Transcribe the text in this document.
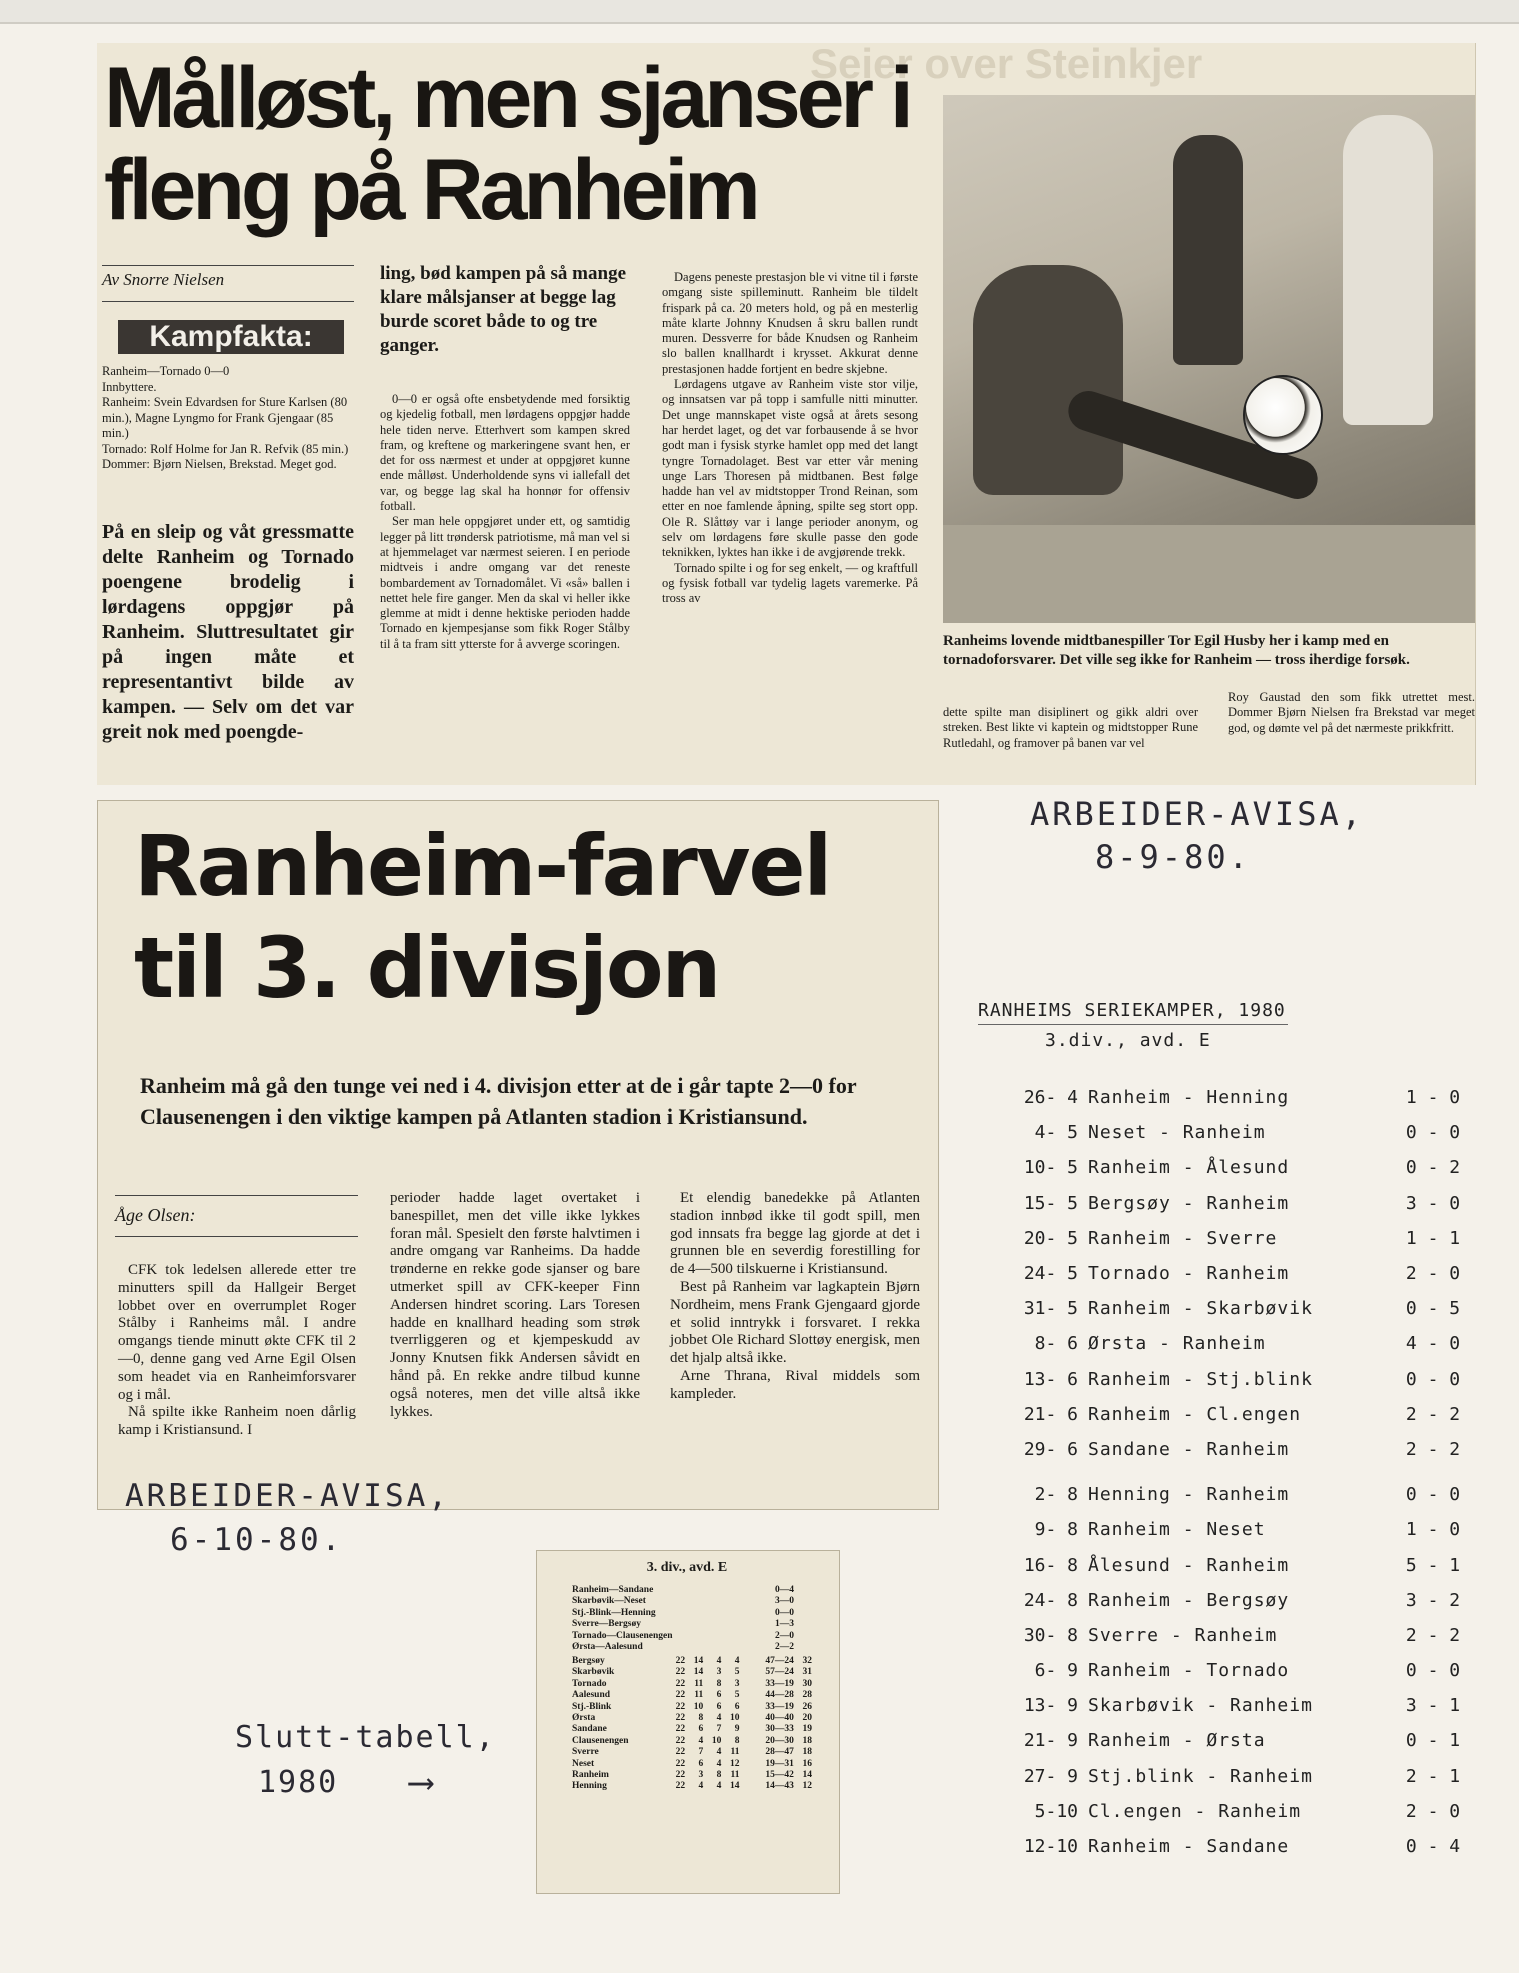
Seier over Steinkjer
Målløst, men sjanser i fleng på Ranheim
Av Snorre Nielsen
Kampfakta:

Ranheim—Tornado 0—0

Innbyttere.

Ranheim: Svein Edvardsen for Sture Karlsen (80 min.), Magne Lyngmo for Frank Gjengaar (85 min.)

Tornado: Rolf Holme for Jan R. Refvik (85 min.)

Dommer: Bjørn Nielsen, Brekstad. Meget god.

På en sleip og våt gressmatte delte Ranheim og Tornado poengene brodelig i lørdagens oppgjør på Ranheim. Sluttresultatet gir på ingen måte et representantivt bilde av kampen. — Selv om det var greit nok med poengde-

ling, bød kampen på så mange klare målsjanser at begge lag burde scoret både to og tre ganger.

0—0 er også ofte ensbetydende med forsiktig og kjedelig fotball, men lørdagens oppgjør hadde hele tiden nerve. Etterhvert som kampen skred fram, og kreftene og markeringene svant hen, er det for oss nærmest et under at oppgjøret kunne ende målløst. Underholdende syns vi iallefall det var, og begge lag skal ha honnør for offensiv fotball.

Ser man hele oppgjøret under ett, og samtidig legger på litt trøndersk patriotisme, må man vel si at hjemmelaget var nærmest seieren. I en periode midtveis i andre omgang var det reneste bombardement av Tornadomålet. Vi «så» ballen i nettet hele fire ganger. Men da skal vi heller ikke glemme at midt i denne hektiske perioden hadde Tornado en kjempesjanse som fikk Roger Stålby til å ta fram sitt ytterste for å avverge scoringen.

Dagens peneste prestasjon ble vi vitne til i første omgang siste spilleminutt. Ranheim ble tildelt frispark på ca. 20 meters hold, og på en mesterlig måte klarte Johnny Knudsen å skru ballen rundt muren. Dessverre for både Knudsen og Ranheim slo ballen knallhardt i krysset. Akkurat denne prestasjonen hadde fortjent en bedre skjebne.

Lørdagens utgave av Ranheim viste stor vilje, og innsatsen var på topp i samfulle nitti minutter. Det unge mannskapet viste også at årets sesong har herdet laget, og det var forbausende å se hvor godt man i fysisk styrke hamlet opp med det langt tyngre Tornadolaget. Best var etter vår mening unge Lars Thoresen på midtbanen. Best følge hadde han vel av midtstopper Trond Reinan, som etter en noe famlende åpning, spilte seg stort opp. Ole R. Slåttøy var i lange perioder anonym, og selv om lørdagens føre skulle passe den gode teknikken, lyktes han ikke i de avgjørende trekk.

Tornado spilte i og for seg enkelt, — og kraftfull og fysisk fotball var tydelig lagets varemerke. På tross av

Ranheims lovende midtbanespiller Tor Egil Husby her i kamp med en tornadoforsvarer. Det ville seg ikke for Ranheim — tross iherdige forsøk.

dette spilte man disiplinert og gikk aldri over streken. Best likte vi kaptein og midtstopper Rune Rutledahl, og framover på banen var vel

Roy Gaustad den som fikk utrettet mest. Dommer Bjørn Nielsen fra Brekstad var meget god, og dømte vel på det nærmeste prikkfritt.

ARBEIDER-AVISA,
8-9-80.
Ranheim-farvel til 3. divisjon

Ranheim må gå den tunge vei ned i 4. divisjon etter at de i går tapte 2—0 for Clausenengen i den viktige kampen på Atlanten stadion i Kristiansund.

Åge Olsen:

CFK tok ledelsen allerede etter tre minutters spill da Hallgeir Berget lobbet over en overrumplet Roger Stålby i Ranheims mål. I andre omgangs tiende minutt økte CFK til 2—0, denne gang ved Arne Egil Olsen som headet via en Ranheimforsvarer og i mål.

Nå spilte ikke Ranheim noen dårlig kamp i Kristiansund. I

perioder hadde laget overtaket i banespillet, men det ville ikke lykkes foran mål. Spesielt den første halvtimen i andre omgang var Ranheims. Da hadde trønderne en rekke gode sjanser og bare utmerket spill av CFK-keeper Finn Andersen hindret scoring. Lars Toresen hadde en knallhard heading som strøk tverrliggeren og et kjempeskudd av Jonny Knutsen fikk Andersen såvidt en hånd på. En rekke andre tilbud kunne også noteres, men det ville altså ikke lykkes.

Et elendig banedekke på Atlanten stadion innbød ikke til godt spill, men god innsats fra begge lag gjorde at det i grunnen ble en severdig forestilling for de 4—500 tilskuerne i Kristiansund.

Best på Ranheim var lagkaptein Bjørn Nordheim, mens Frank Gjengaard gjorde et solid inntrykk i forsvaret. I rekka jobbet Ole Richard Slottøy energisk, men det hjalp altså ikke.

Arne Thrana, Rival middels som kampleder.

ARBEIDER-AVISA,
6-10-80.

3. div., avd. E

Ranheim—Sandane	0—4
Skarbøvik—Neset	3—0
Stj.-Blink—Henning	0—0
Sverre—Bergsøy	1—3
Tornado—Clausenengen	2—0
Ørsta—Aalesund	2—2
Bergsøy	22	14	4	4	47—24	32
Skarbøvik	22	14	3	5	57—24	31
Tornado	22	11	8	3	33—19	30
Aalesund	22	11	6	5	44—28	28
Stj.-Blink	22	10	6	6	33—19	26
Ørsta	22	8	4	10	40—40	20
Sandane	22	6	7	9	30—33	19
Clausenengen	22	4	10	8	20—30	18
Sverre	22	7	4	11	28—47	18
Neset	22	6	4	12	19—31	16
Ranheim	22	3	8	11	15—42	14
Henning	22	4	4	14	14—43	12
Slutt-tabell,
1980 ⟶
RANHEIMS SERIEKAMPER, 1980
3.div., avd. E
26- 4	Ranheim - Henning	1 - 0
4- 5	Neset - Ranheim	0 - 0
10- 5	Ranheim - Ålesund	0 - 2
15- 5	Bergsøy - Ranheim	3 - 0
20- 5	Ranheim - Sverre	1 - 1
24- 5	Tornado - Ranheim	2 - 0
31- 5	Ranheim - Skarbøvik	0 - 5
8- 6	Ørsta - Ranheim	4 - 0
13- 6	Ranheim - Stj.blink	0 - 0
21- 6	Ranheim - Cl.engen	2 - 2
29- 6	Sandane - Ranheim	2 - 2

2- 8	Henning - Ranheim	0 - 0
9- 8	Ranheim - Neset	1 - 0
16- 8	Ålesund - Ranheim	5 - 1
24- 8	Ranheim - Bergsøy	3 - 2
30- 8	Sverre - Ranheim	2 - 2
6- 9	Ranheim - Tornado	0 - 0
13- 9	Skarbøvik - Ranheim	3 - 1
21- 9	Ranheim - Ørsta	0 - 1
27- 9	Stj.blink - Ranheim	2 - 1
5-10	Cl.engen - Ranheim	2 - 0
12-10	Ranheim - Sandane	0 - 4
